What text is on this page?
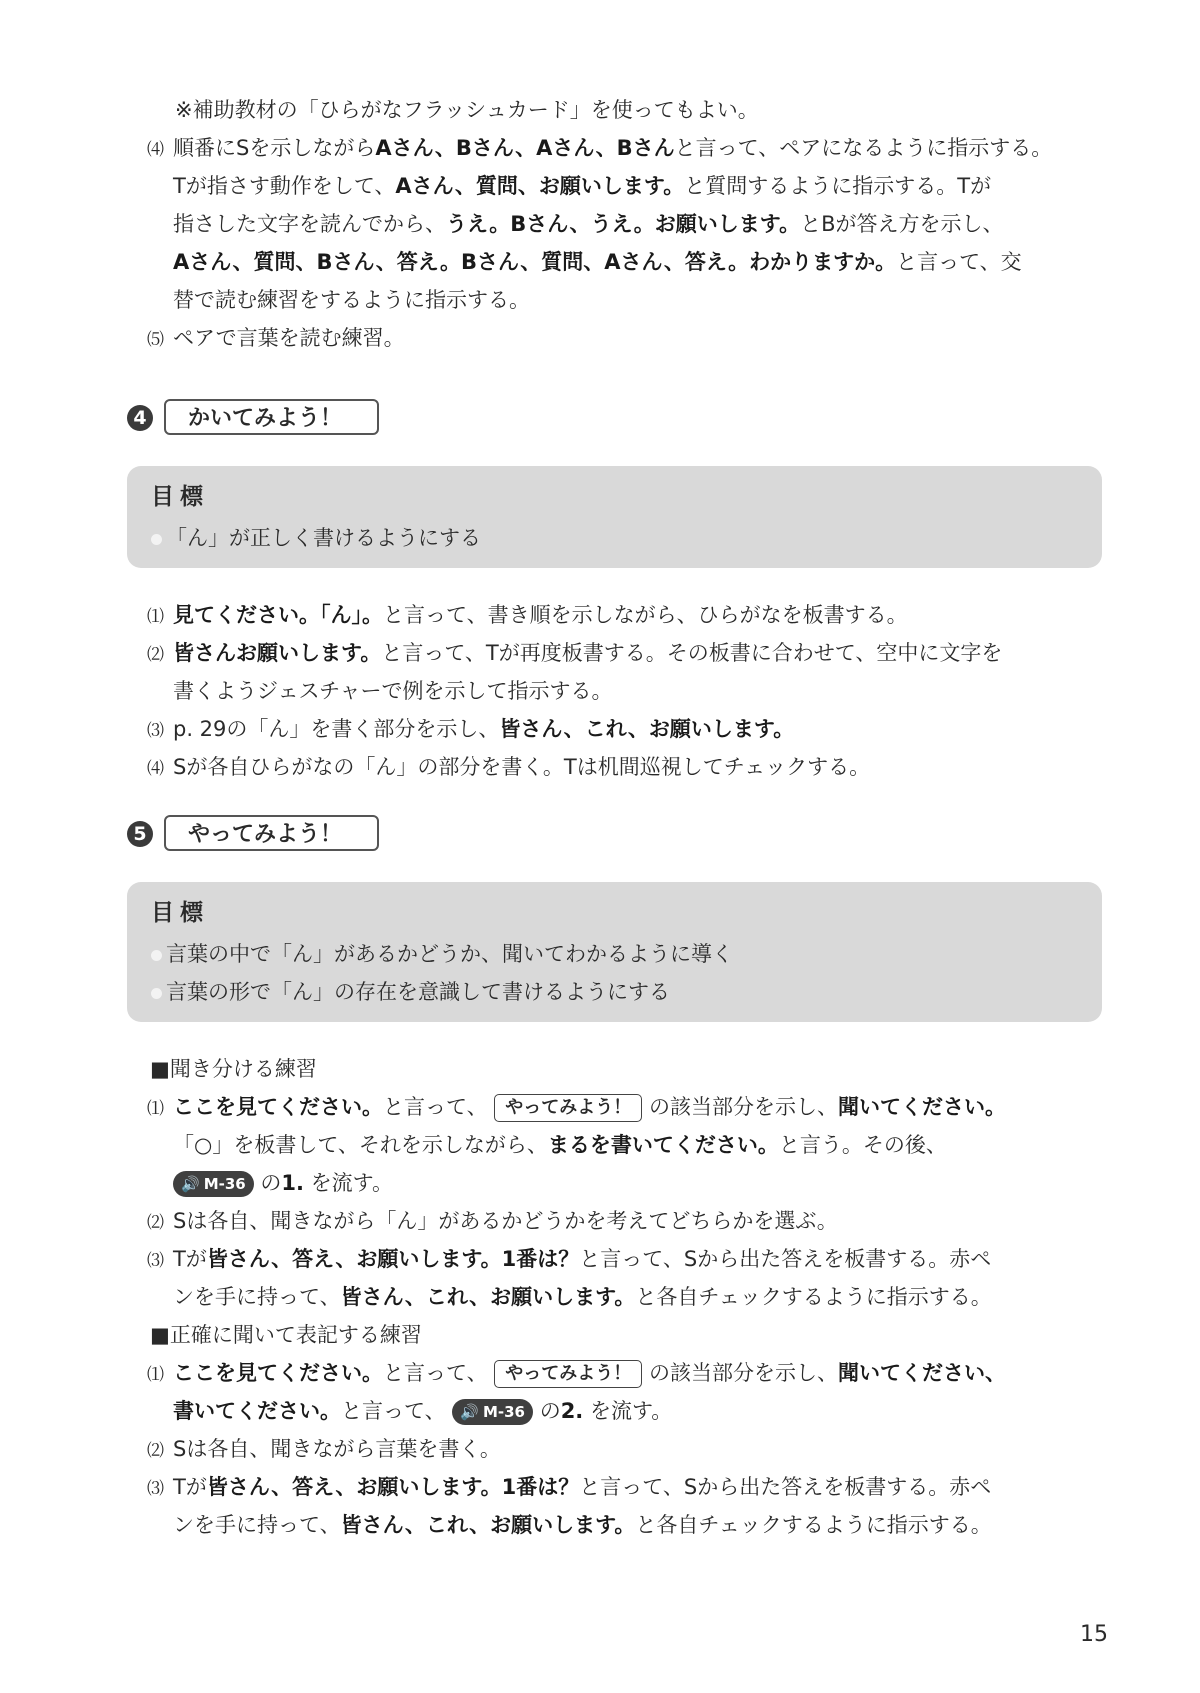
※補助教材の「ひらがなフラッシュカード」を使ってもよい。
⑷ 順番にSを示しながらAさん、Bさん、Aさん、Bさんと言って、ペアになるように指示する。
Tが指さす動作をして、Aさん、質問、お願いします。と質問するように指示する。Tが
指さした文字を読んでから、うえ。Bさん、うえ。お願いします。とBが答え方を示し、
Aさん、質問、Bさん、答え。Bさん、質問、Aさん、答え。わかりますか。と言って、交
替で読む練習をするように指示する。
⑸ ペアで言葉を読む練習。
4	かいてみよう！
目標
「ん」が正しく書けるようにする
⑴ 見てください。「ん」。と言って、書き順を示しながら、ひらがなを板書する。
⑵ 皆さんお願いします。と言って、Tが再度板書する。その板書に合わせて、空中に文字を
書くようジェスチャーで例を示して指示する。
⑶ p. 29の「ん」を書く部分を示し、皆さん、これ、お願いします。
⑷ Sが各自ひらがなの「ん」の部分を書く。Tは机間巡視してチェックする。
5	やってみよう！
目標
言葉の中で「ん」があるかどうか、聞いてわかるように導く
言葉の形で「ん」の存在を意識して書けるようにする
■聞き分ける練習
⑴ ここを見てください。と言って、 やってみよう！ の該当部分を示し、聞いてください。
「○」を板書して、それを示しながら、まるを書いてください。と言う。その後、
🔊 M-36 の1. を流す。
⑵ Sは各自、聞きながら「ん」があるかどうかを考えてどちらかを選ぶ。
⑶ Tが皆さん、答え、お願いします。1番は？と言って、Sから出た答えを板書する。赤ペ
ンを手に持って、皆さん、これ、お願いします。と各自チェックするように指示する。
■正確に聞いて表記する練習
⑴ ここを見てください。と言って、 やってみよう！ の該当部分を示し、聞いてください、
書いてください。と言って、 🔊 M-36 の2. を流す。
⑵ Sは各自、聞きながら言葉を書く。
⑶ Tが皆さん、答え、お願いします。1番は？と言って、Sから出た答えを板書する。赤ペ
ンを手に持って、皆さん、これ、お願いします。と各自チェックするように指示する。
15
